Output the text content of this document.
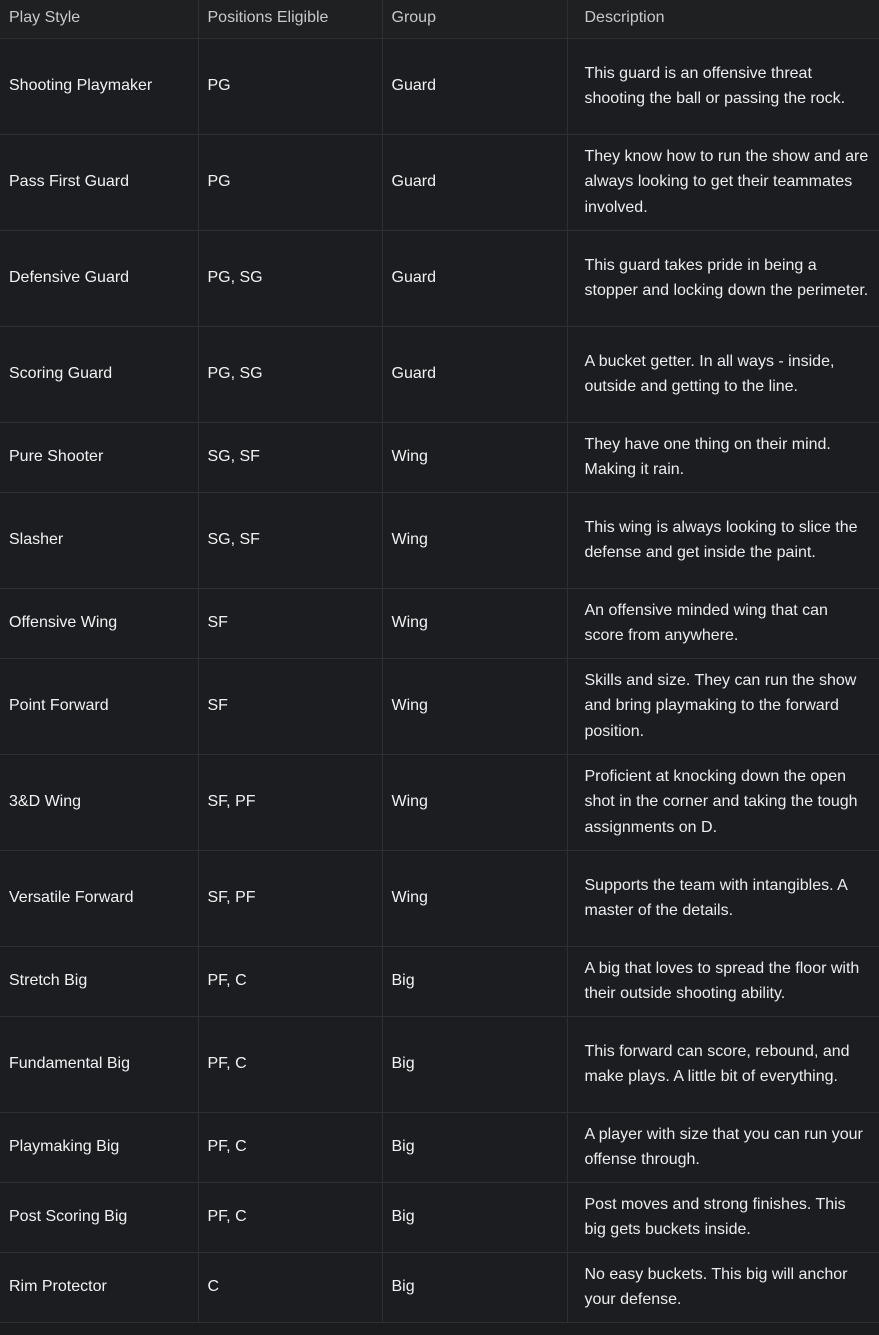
Play Style	Positions Eligible	Group	Description
Shooting Playmaker	PG	Guard	This guard is an offensive threat shooting the ball or passing the rock.
Pass First Guard	PG	Guard	They know how to run the show and are always looking to get their teammates involved.
Defensive Guard	PG, SG	Guard	This guard takes pride in being a stopper and locking down the perimeter.
Scoring Guard	PG, SG	Guard	A bucket getter. In all ways - inside, outside and getting to the line.
Pure Shooter	SG, SF	Wing	They have one thing on their mind. Making it rain.
Slasher	SG, SF	Wing	This wing is always looking to slice the defense and get inside the paint.
Offensive Wing	SF	Wing	An offensive minded wing that can score from anywhere.
Point Forward	SF	Wing	Skills and size. They can run the show and bring playmaking to the forward position.
3&D Wing	SF, PF	Wing	Proficient at knocking down the open shot in the corner and taking the tough assignments on D.
Versatile Forward	SF, PF	Wing	Supports the team with intangibles. A master of the details.
Stretch Big	PF, C	Big	A big that loves to spread the floor with their outside shooting ability.
Fundamental Big	PF, C	Big	This forward can score, rebound, and make plays. A little bit of everything.
Playmaking Big	PF, C	Big	A player with size that you can run your offense through.
Post Scoring Big	PF, C	Big	Post moves and strong finishes. This big gets buckets inside.
Rim Protector	C	Big	No easy buckets. This big will anchor your defense.
